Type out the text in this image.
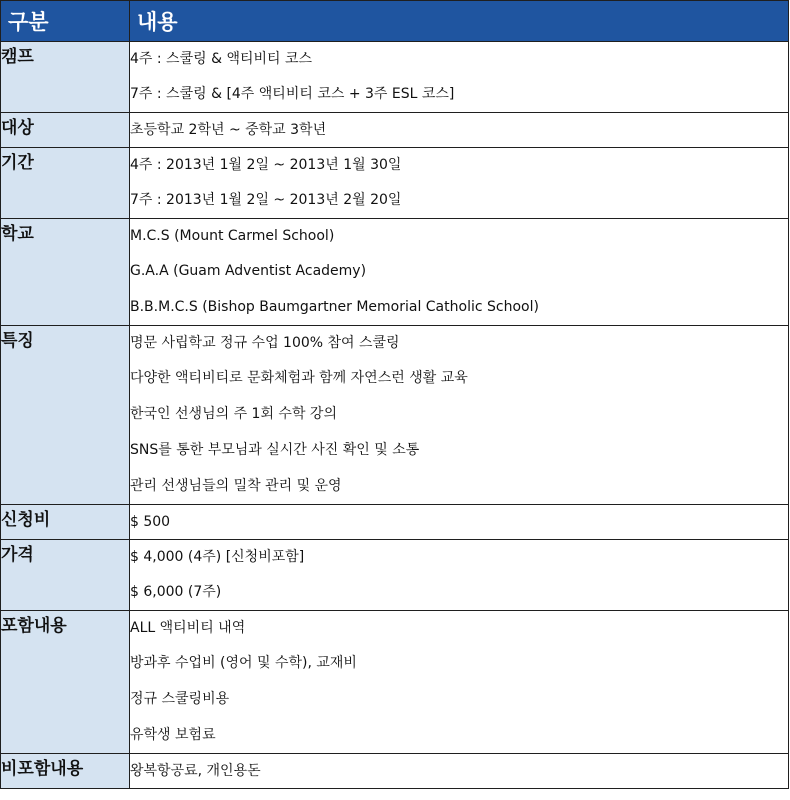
구분	내용
캠프	4주 : 스쿨링 & 액티비티 코스
7주 : 스쿨링 & [4주 액티비티 코스 + 3주 ESL 코스]

대상	초등학교 2학년 ~ 중학교 3학년

기간	4주 : 2013년 1월 2일 ~ 2013년 1월 30일
7주 : 2013년 1월 2일 ~ 2013년 2월 20일

학교	M.C.S (Mount Carmel School)
G.A.A (Guam Adventist Academy)
B.B.M.C.S (Bishop Baumgartner Memorial Catholic School)

특징	명문 사립학교 정규 수업 100% 참여 스쿨링
다양한 액티비티로 문화체험과 함께 자연스런 생활 교육
한국인 선생님의 주 1회 수학 강의
SNS를 통한 부모님과 실시간 사진 확인 및 소통
관리 선생님들의 밀착 관리 및 운영

신청비	$ 500

가격	$ 4,000 (4주) [신청비포함]
$ 6,000 (7주)

포함내용	ALL 액티비티 내역
방과후 수업비 (영어 및 수학), 교재비
정규 스쿨링비용
유학생 보험료

비포함내용	왕복항공료, 개인용돈
